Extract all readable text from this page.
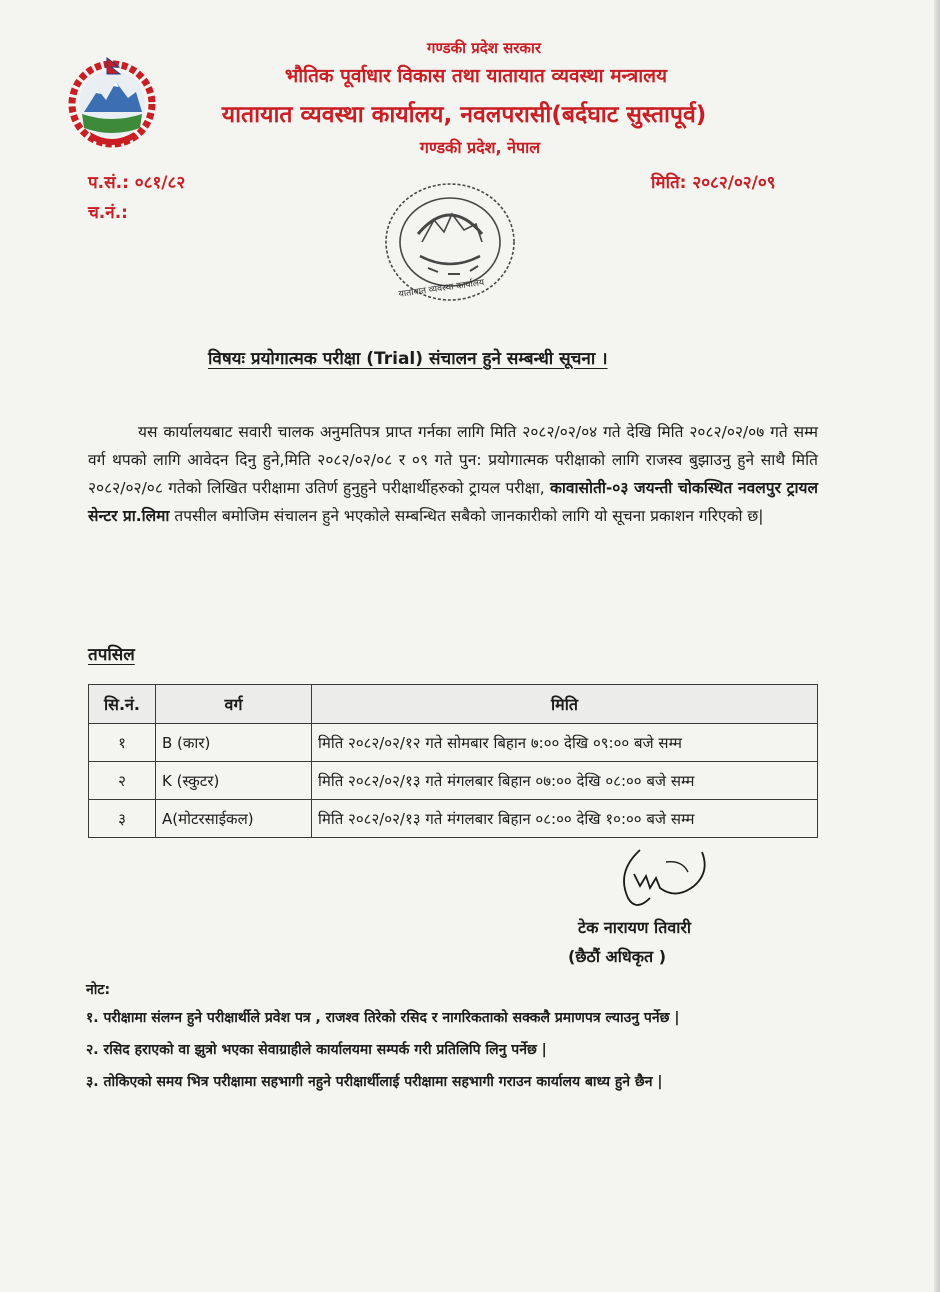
गण्डकी प्रदेश सरकार
भौतिक पूर्वाधार विकास तथा यातायात व्यवस्था मन्त्रालय
यातायात व्यवस्था कार्यालय, नवलपरासी(बर्दघाट सुस्तापूर्व)
गण्डकी प्रदेश, नेपाल
प.सं.: ०८१/८२
च.नं.:
मिति: २०८२/०२/०९
यातायात व्यवस्था कार्यालय
विषयः प्रयोगात्मक परीक्षा (Trial) संचालन हुने सम्बन्धी सूचना ।
यस कार्यालयबाट सवारी चालक अनुमतिपत्र प्राप्त गर्नका लागि मिति २०८२/०२/०४ गते देखि मिति २०८२/०२/०७ गते सम्म वर्ग थपको लागि आवेदन दिनु हुने,मिति २०८२/०२/०८ र ०९ गते पुन: प्रयोगात्मक परीक्षाको लागि राजस्व बुझाउनु हुने साथै मिति २०८२/०२/०८ गतेको लिखित परीक्षामा उतिर्ण हुनुहुने परीक्षार्थीहरुको ट्रायल परीक्षा, कावासोती-०३ जयन्ती चोकस्थित नवलपुर ट्रायल सेन्टर प्रा.लिमा तपसील बमोजिम संचालन हुने भएकोले सम्बन्धित सबैको जानकारीको लागि यो सूचना प्रकाशन गरिएको छ|
तपसिल
सि.नं.	वर्ग	मिति
१	B (कार)	मिति २०८२/०२/१२ गते सोमबार बिहान ७:०० देखि ०९:०० बजे सम्म
२	K (स्कुटर)	मिति २०८२/०२/१३ गते मंगलबार बिहान ०७:०० देखि ०८:०० बजे सम्म
३	A(मोटरसाईकल)	मिति २०८२/०२/१३ गते मंगलबार बिहान ०८:०० देखि १०:०० बजे सम्म
टेक नारायण तिवारी
(छैठौं अधिकृत )
नोट:
१. परीक्षामा संलग्न हुने परीक्षार्थीले प्रवेश पत्र , राजश्व तिरेको रसिद र नागरिकताको सक्कलै प्रमाणपत्र ल्याउनु पर्नेछ |
२. रसिद हराएको वा झुत्रो भएका सेवाग्राहीले कार्यालयमा सम्पर्क गरी प्रतिलिपि लिनु पर्नेछ |
३. तोकिएको समय भित्र परीक्षामा सहभागी नहुने परीक्षार्थीलाई परीक्षामा सहभागी गराउन कार्यालय बाध्य हुने छैन |
